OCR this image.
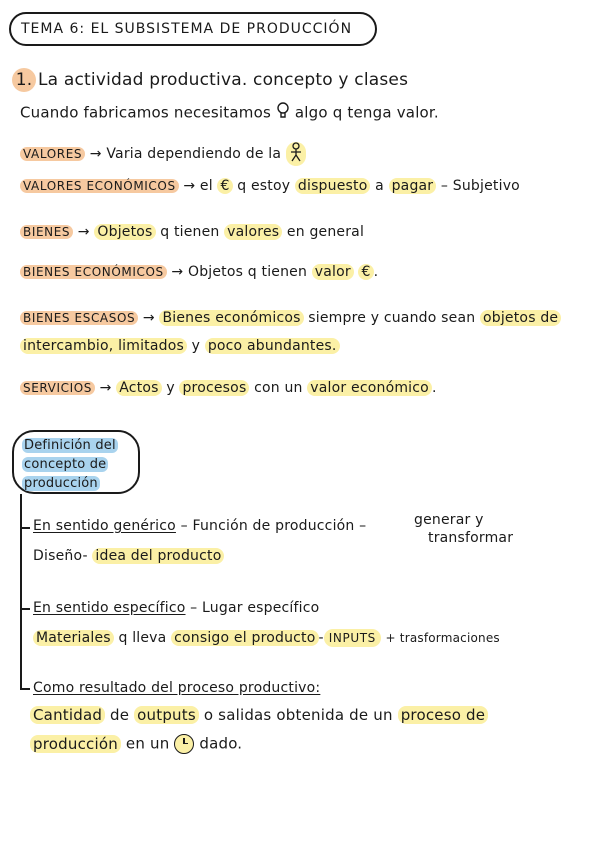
TEMA 6: EL SUBSISTEMA DE PRODUCCIÓN
1. La actividad productiva. concepto y clases
Cuando fabricamos necesitamos algo q tenga valor.
VALORES → Varia dependiendo de la
VALORES ECONÓMICOS → el € q estoy dispuesto a pagar – Subjetivo
BIENES → Objetos q tienen valores en general
BIENES ECONÓMICOS → Objetos q tienen valor € .
BIENES ESCASOS → Bienes económicos siempre y cuando sean objetos de
intercambio, limitados y poco abundantes.
SERVICIOS → Actos y procesos con un valor económico .
Definición del
concepto de
producción
En sentido genérico – Función de producción –	generar y
transformar
Diseño- idea del producto
En sentido específico – Lugar específico
Materiales q lleva consigo el producto - INPUTS + trasformaciones
Como resultado del proceso productivo:
Cantidad de outputs o salidas obtenida de un proceso de
producción en un dado.
